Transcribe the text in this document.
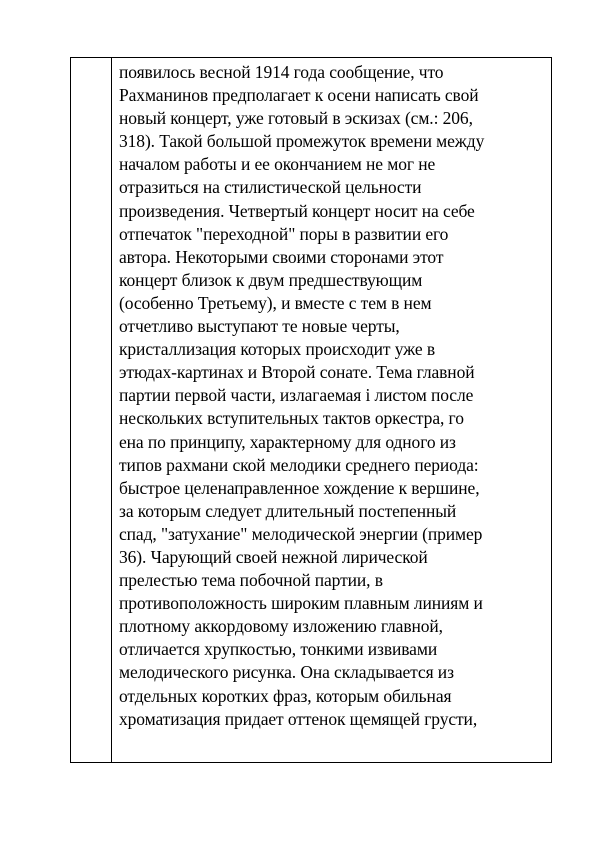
появилось весной 1914 года сообщение, что
Рахманинов предполагает к осени написать свой
новый концерт, уже готовый в эскизах (см.: 206,
318). Такой большой промежуток времени между
началом работы и ее окончанием не мог не
отразиться на стилистической цельности
произведения. Четвертый концерт носит на себе
отпечаток "переходной" поры в развитии его
автора. Некоторыми своими сторонами этот
концерт близок к двум предшествующим
(особенно Третьему), и вместе с тем в нем
отчетливо выступают те новые черты,
кристаллизация которых происходит уже в
этюдах-картинах и Второй сонате. Тема главной
партии первой части, излагаемая і листом после
нескольких вступительных тактов оркестра, го
ена по принципу, характерному для одного из
типов рахмани ской мелодики среднего периода:
быстрое целенаправленное хождение к вершине,
за которым следует длительный постепенный
спад, "затухание" мелодической энергии (пример
36). Чарующий своей нежной лирической
прелестью тема побочной партии, в
противоположность широким плавным линиям и
плотному аккордовому изложению главной,
отличается хрупкостью, тонкими извивами
мелодического рисунка. Она складывается из
отдельных коротких фраз, которым обильная
хроматизация придает оттенок щемящей грусти,
